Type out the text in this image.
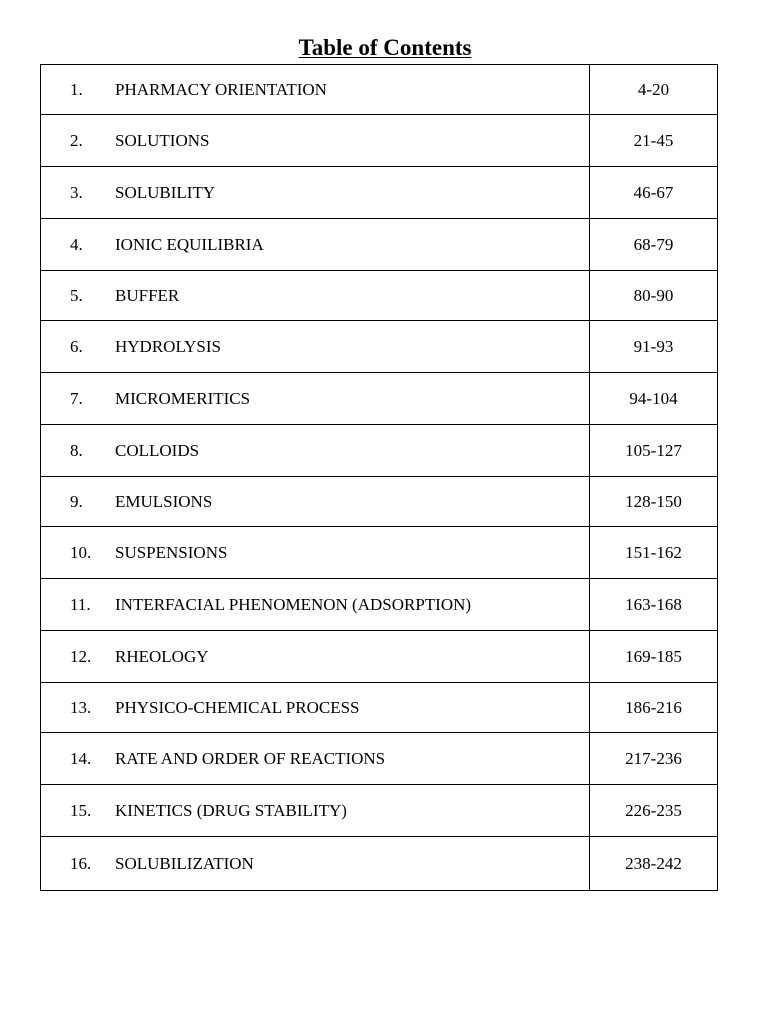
Table of Contents
1. PHARMACY ORIENTATION	4-20
2. SOLUTIONS	21-45
3. SOLUBILITY	46-67
4. IONIC EQUILIBRIA	68-79
5. BUFFER	80-90
6. HYDROLYSIS	91-93
7. MICROMERITICS	94-104
8. COLLOIDS	105-127
9. EMULSIONS	128-150
10. SUSPENSIONS	151-162
11. INTERFACIAL PHENOMENON (ADSORPTION)	163-168
12. RHEOLOGY	169-185
13. PHYSICO-CHEMICAL PROCESS	186-216
14. RATE AND ORDER OF REACTIONS	217-236
15. KINETICS (DRUG STABILITY)	226-235
16. SOLUBILIZATION	238-242
